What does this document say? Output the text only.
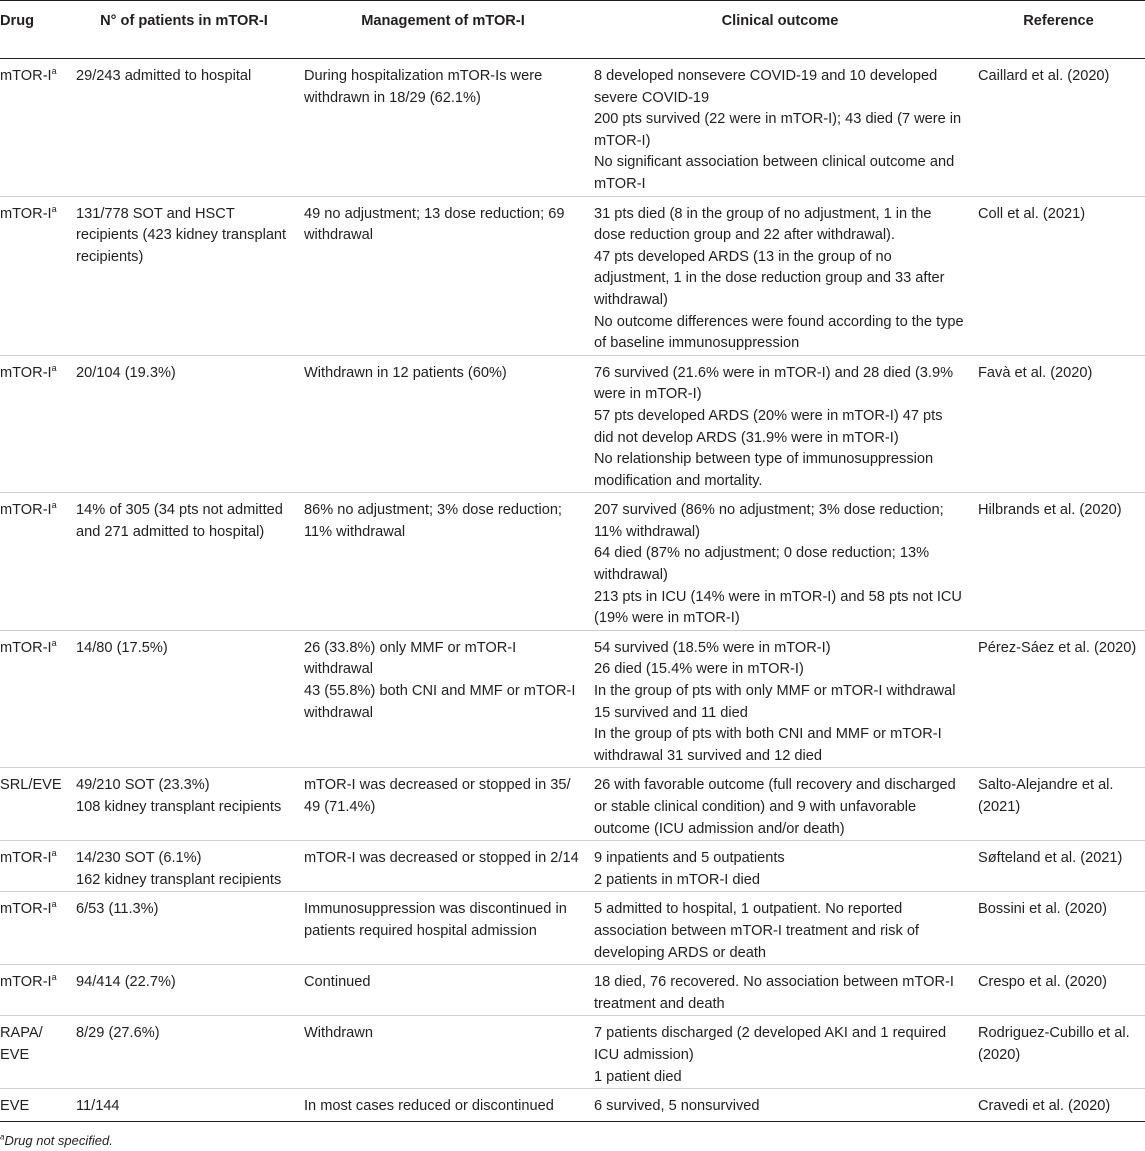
Drug	N° of patients in mTOR-I	Management of mTOR-I	Clinical outcome	Reference
mTOR-$I^a$	29/243 admitted to hospital	During hospitalization mTOR-Is were withdrawn in 18/29 (62.1%)	8 developed nonsevere COVID-19 and 10 developed severe COVID-19
200 pts survived (22 were in mTOR-I); 43 died (7 were in mTOR-I)
No significant association between clinical outcome and mTOR-I	Caillard et al. (2020)
mTOR-$I^a$	131/778 SOT and HSCT recipients (423 kidney transplant recipients)	49 no adjustment; 13 dose reduction; 69 withdrawal	31 pts died (8 in the group of no adjustment, 1 in the dose reduction group and 22 after withdrawal).
47 pts developed ARDS (13 in the group of no adjustment, 1 in the dose reduction group and 33 after withdrawal)
No outcome differences were found according to the type of baseline immunosuppression	Coll et al. (2021)
mTOR-$I^a$	20/104 (19.3%)	Withdrawn in 12 patients (60%)	76 survived (21.6% were in mTOR-I) and 28 died (3.9% were in mTOR-I)
57 pts developed ARDS (20% were in mTOR-I) 47 pts did not develop ARDS (31.9% were in mTOR-I)
No relationship between type of immunosuppression modification and mortality.	Favà et al. (2020)
mTOR-$I^a$	14% of 305 (34 pts not admitted and 271 admitted to hospital)	86% no adjustment; 3% dose reduction; 11% withdrawal	207 survived (86% no adjustment; 3% dose reduction; 11% withdrawal)
64 died (87% no adjustment; 0 dose reduction; 13% withdrawal)
213 pts in ICU (14% were in mTOR-I) and 58 pts not ICU (19% were in mTOR-I)	Hilbrands et al. (2020)
mTOR-$I^a$	14/80 (17.5%)	26 (33.8%) only MMF or mTOR-I withdrawal
43 (55.8%) both CNI and MMF or mTOR-I withdrawal	54 survived (18.5% were in mTOR-I)
26 died (15.4% were in mTOR-I)
In the group of pts with only MMF or mTOR-I withdrawal 15 survived and 11 died
In the group of pts with both CNI and MMF or mTOR-I withdrawal 31 survived and 12 died	Pérez-Sáez et al. (2020)
SRL/EVE	49/210 SOT (23.3%)
108 kidney transplant recipients	mTOR-I was decreased or stopped in 35/ 49 (71.4%)	26 with favorable outcome (full recovery and discharged or stable clinical condition) and 9 with unfavorable outcome (ICU admission and/or death)	Salto-Alejandre et al. (2021)
mTOR-$I^a$	14/230 SOT (6.1%)
162 kidney transplant recipients	mTOR-I was decreased or stopped in 2/14	9 inpatients and 5 outpatients
2 patients in mTOR-I died	Søfteland et al. (2021)
mTOR-$I^a$	6/53 (11.3%)	Immunosuppression was discontinued in patients required hospital admission	5 admitted to hospital, 1 outpatient. No reported association between mTOR-I treatment and risk of developing ARDS or death	Bossini et al. (2020)
mTOR-$I^a$	94/414 (22.7%)	Continued	18 died, 76 recovered. No association between mTOR-I treatment and death	Crespo et al. (2020)
RAPA/ EVE	8/29 (27.6%)	Withdrawn	7 patients discharged (2 developed AKI and 1 required ICU admission)
1 patient died	Rodriguez-Cubillo et al. (2020)
EVE	11/144	In most cases reduced or discontinued	6 survived, 5 nonsurvived	Cravedi et al. (2020)
$^a$Drug not specified.
